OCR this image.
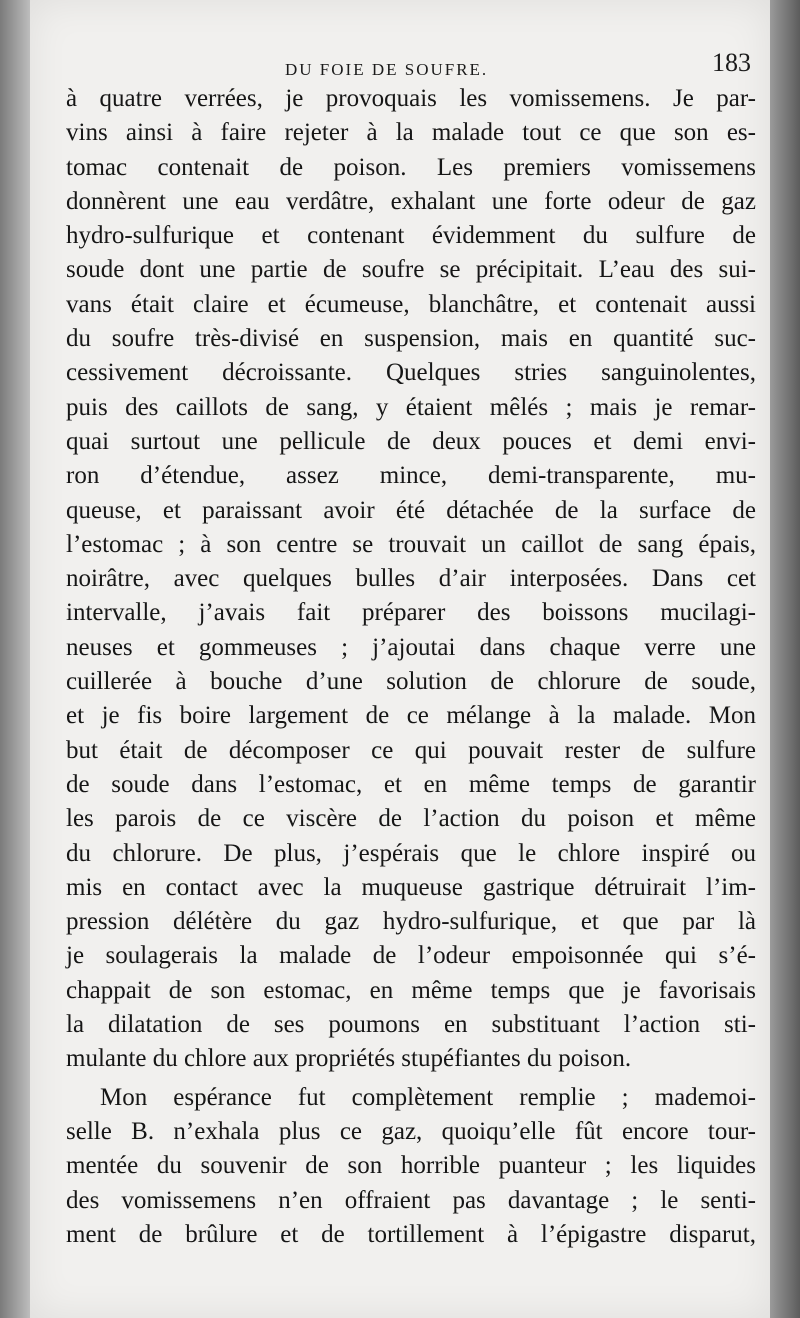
DU FOIE DE SOUFRE.	183
à quatre verrées, je provoquais les vomissemens. Je par-
vins ainsi à faire rejeter à la malade tout ce que son es-
tomac contenait de poison. Les premiers vomissemens
donnèrent une eau verdâtre, exhalant une forte odeur de gaz
hydro-sulfurique et contenant évidemment du sulfure de
soude dont une partie de soufre se précipitait. L’eau des sui-
vans était claire et écumeuse, blanchâtre, et contenait aussi
du soufre très-divisé en suspension, mais en quantité suc-
cessivement décroissante. Quelques stries sanguinolentes,
puis des caillots de sang, y étaient mêlés ; mais je remar-
quai surtout une pellicule de deux pouces et demi envi-
ron d’étendue, assez mince, demi-transparente, mu-
queuse, et paraissant avoir été détachée de la surface de
l’estomac ; à son centre se trouvait un caillot de sang épais,
noirâtre, avec quelques bulles d’air interposées. Dans cet
intervalle, j’avais fait préparer des boissons mucilagi-
neuses et gommeuses ; j’ajoutai dans chaque verre une
cuillerée à bouche d’une solution de chlorure de soude,
et je fis boire largement de ce mélange à la malade. Mon
but était de décomposer ce qui pouvait rester de sulfure
de soude dans l’estomac, et en même temps de garantir
les parois de ce viscère de l’action du poison et même
du chlorure. De plus, j’espérais que le chlore inspiré ou
mis en contact avec la muqueuse gastrique détruirait l’im-
pression délétère du gaz hydro-sulfurique, et que par là
je soulagerais la malade de l’odeur empoisonnée qui s’é-
chappait de son estomac, en même temps que je favorisais
la dilatation de ses poumons en substituant l’action sti-
mulante du chlore aux propriétés stupéfiantes du poison.
Mon espérance fut complètement remplie ; mademoi-
selle B. n’exhala plus ce gaz, quoiqu’elle fût encore tour-
mentée du souvenir de son horrible puanteur ; les liquides
des vomissemens n’en offraient pas davantage ; le senti-
ment de brûlure et de tortillement à l’épigastre disparut,
